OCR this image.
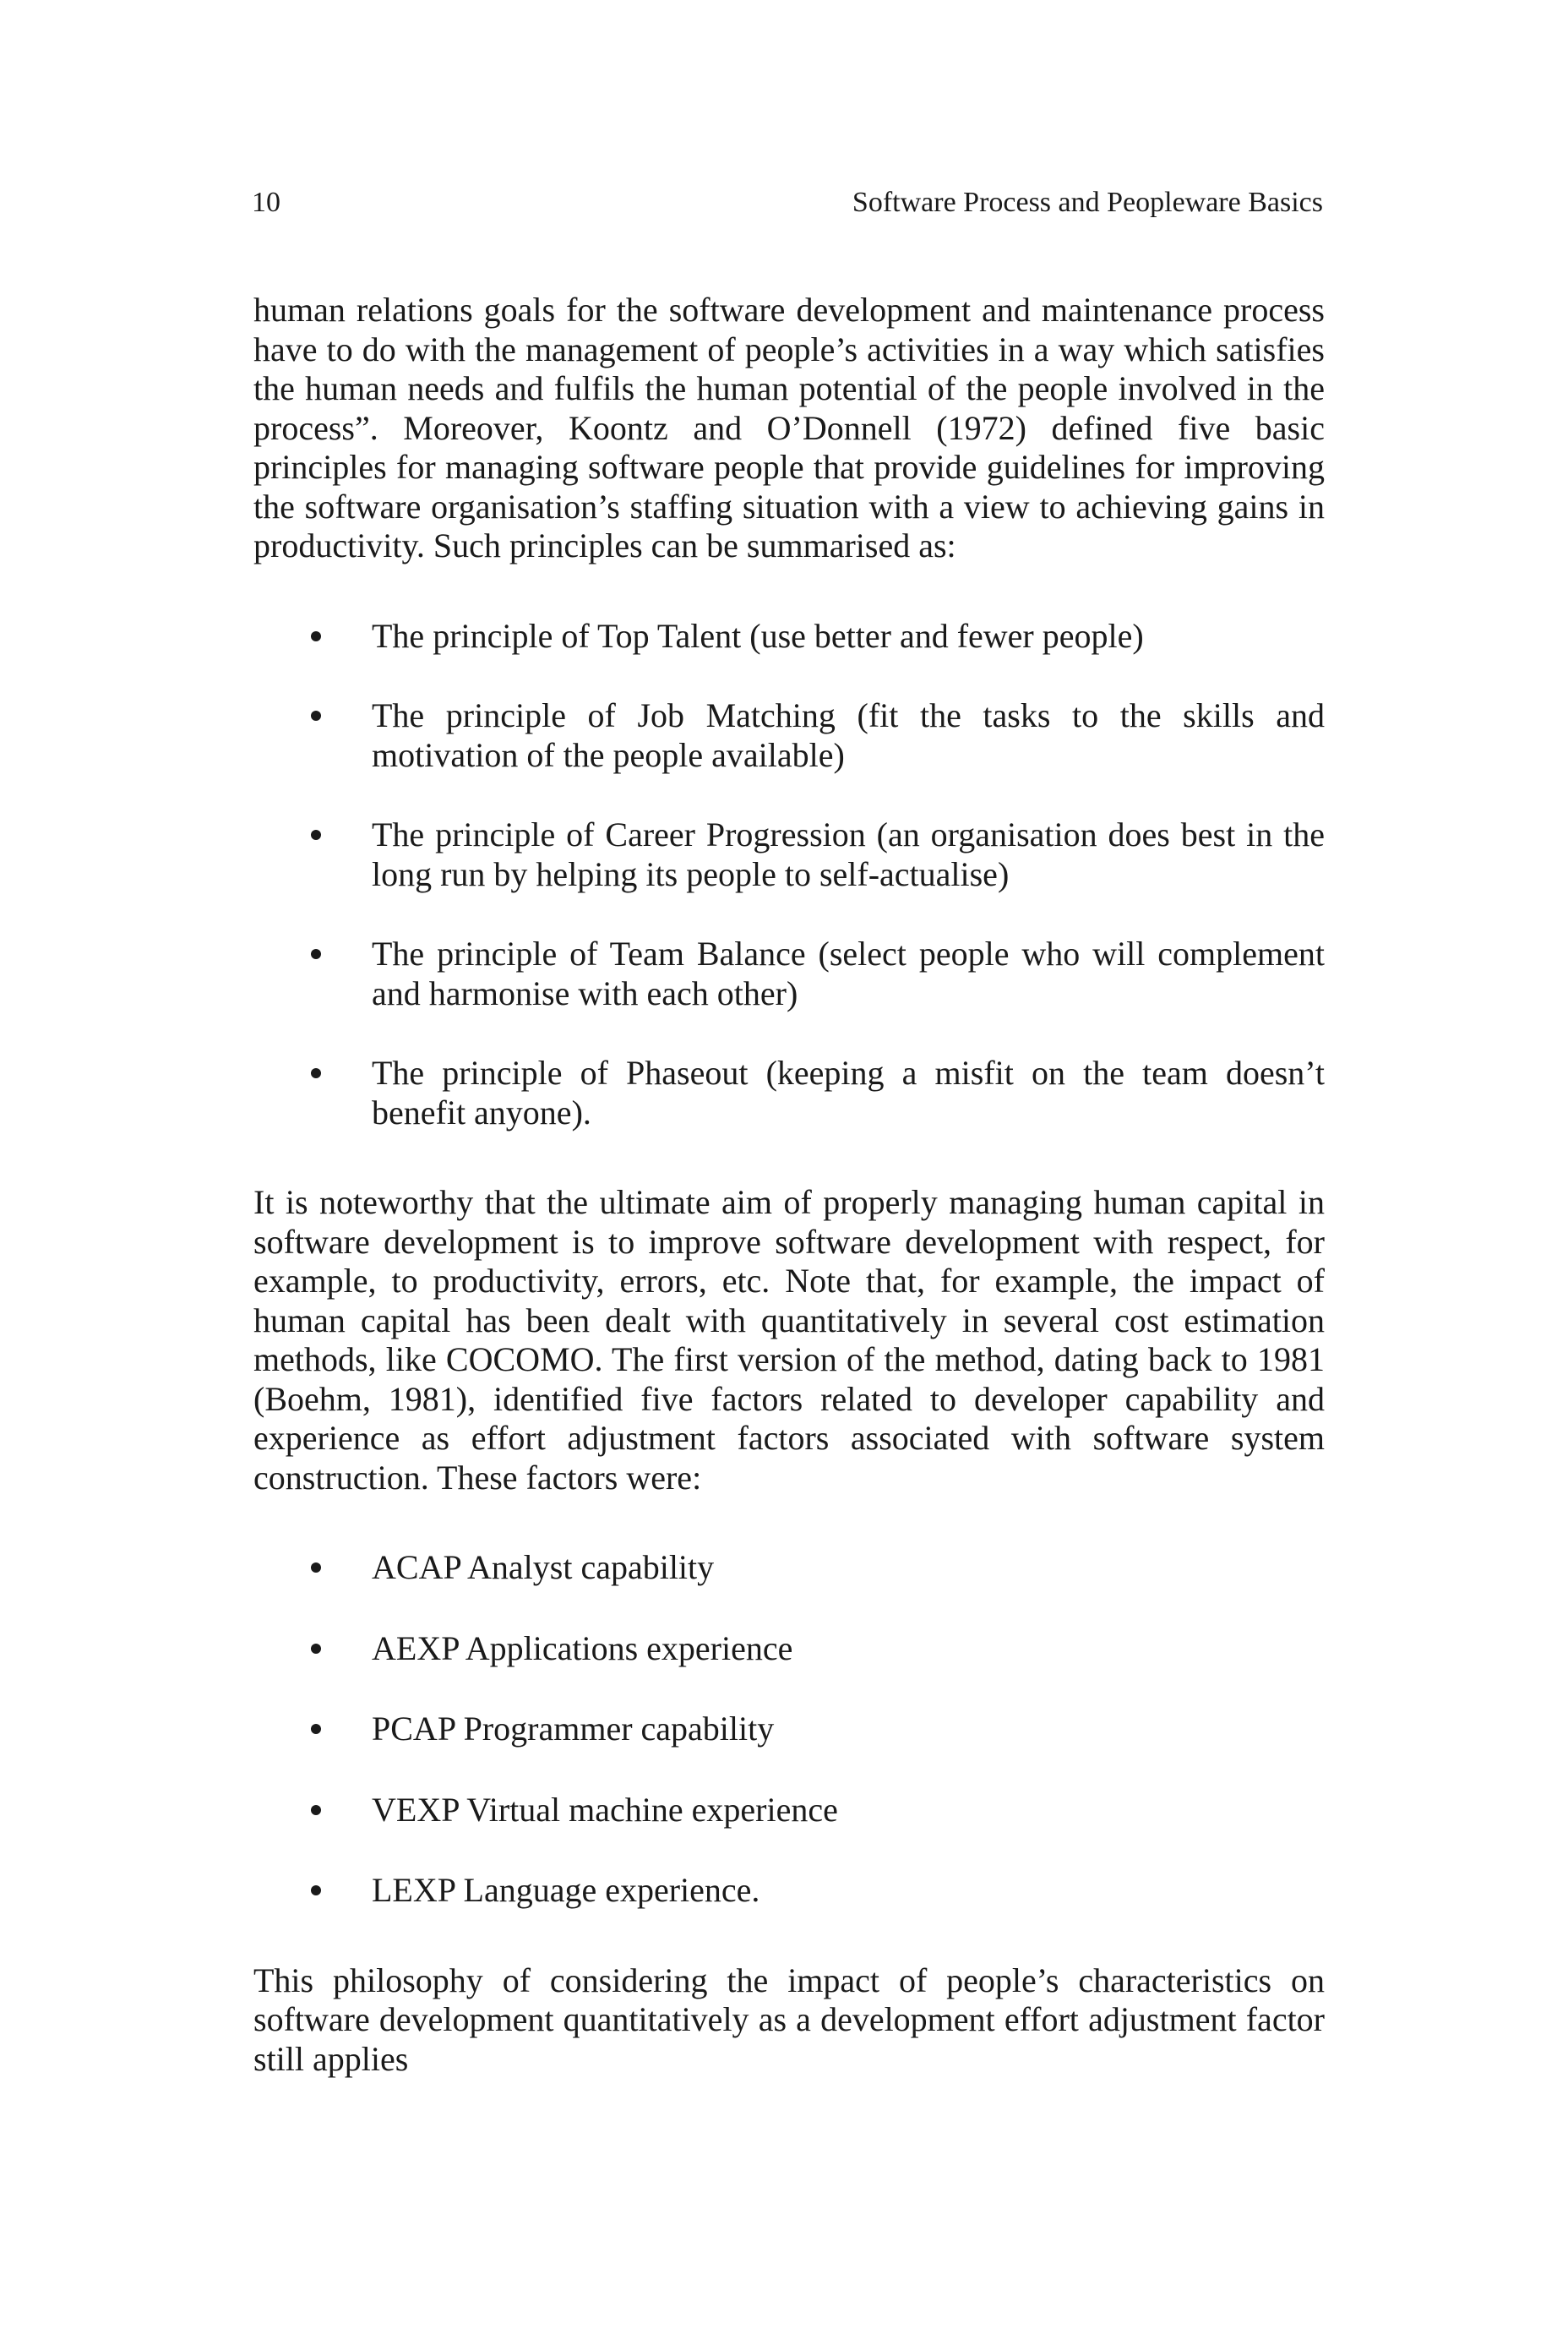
10	Software Process and Peopleware Basics

human relations goals for the software development and maintenance process have to do with the management of people’s activities in a way which satisfies the human needs and fulfils the human potential of the people involved in the process”. Moreover, Koontz and O’Donnell (1972) defined five basic principles for managing software people that provide guidelines for improving the software organisation’s staffing situation with a view to achieving gains in productivity. Such principles can be summarised as:

The principle of Top Talent (use better and fewer people)
The principle of Job Matching (fit the tasks to the skills and motivation of the people available)
The principle of Career Progression (an organisation does best in the long run by helping its people to self-actualise)
The principle of Team Balance (select people who will complement and harmonise with each other)
The principle of Phaseout (keeping a misfit on the team doesn’t benefit anyone).

It is noteworthy that the ultimate aim of properly managing human capital in software development is to improve software development with respect, for example, to productivity, errors, etc. Note that, for example, the impact of human capital has been dealt with quantitatively in several cost estimation methods, like COCOMO. The first version of the method, dating back to 1981 (Boehm, 1981), identified five factors related to developer capability and experience as effort adjustment factors associated with software system construction. These factors were:

ACAP Analyst capability
AEXP Applications experience
PCAP Programmer capability
VEXP Virtual machine experience
LEXP Language experience.

This philosophy of considering the impact of people’s characteristics on software development quantitatively as a development effort adjustment factor still applies
